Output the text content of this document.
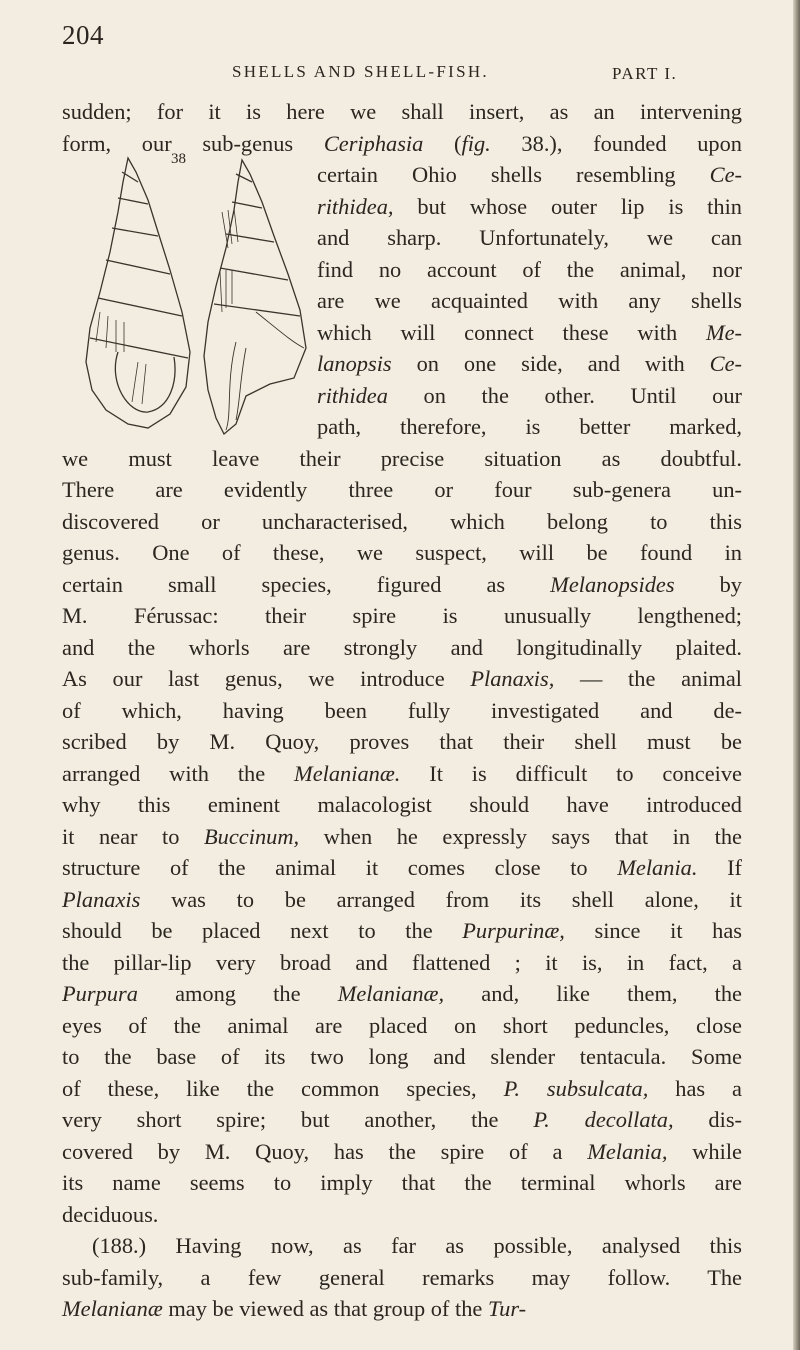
204
SHELLS AND SHELL-FISH.	PART I.
38
sudden; for it is here we shall insert, as an intervening
form, our sub-genus Ceriphasia (fig. 38.), founded upon
certain Ohio shells resembling Ce-
rithidea, but whose outer lip is thin
and sharp. Unfortunately, we can
find no account of the animal, nor
are we acquainted with any shells
which will connect these with Me-
lanopsis on one side, and with Ce-
rithidea on the other. Until our
path, therefore, is better marked,
we must leave their precise situation as doubtful.
There are evidently three or four sub-genera un-
discovered or uncharacterised, which belong to this
genus. One of these, we suspect, will be found in
certain small species, figured as Melanopsides by
M. Férussac: their spire is unusually lengthened;
and the whorls are strongly and longitudinally plaited.
As our last genus, we introduce Planaxis, — the animal
of which, having been fully investigated and de-
scribed by M. Quoy, proves that their shell must be
arranged with the Melanianæ. It is difficult to conceive
why this eminent malacologist should have introduced
it near to Buccinum, when he expressly says that in the
structure of the animal it comes close to Melania. If
Planaxis was to be arranged from its shell alone, it
should be placed next to the Purpurinæ, since it has
the pillar-lip very broad and flattened ; it is, in fact, a
Purpura among the Melanianæ, and, like them, the
eyes of the animal are placed on short peduncles, close
to the base of its two long and slender tentacula. Some
of these, like the common species, P. subsulcata, has a
very short spire; but another, the P. decollata, dis-
covered by M. Quoy, has the spire of a Melania, while
its name seems to imply that the terminal whorls are
deciduous.
(188.) Having now, as far as possible, analysed this
sub-family, a few general remarks may follow. The
Melanianæ may be viewed as that group of the Tur-
